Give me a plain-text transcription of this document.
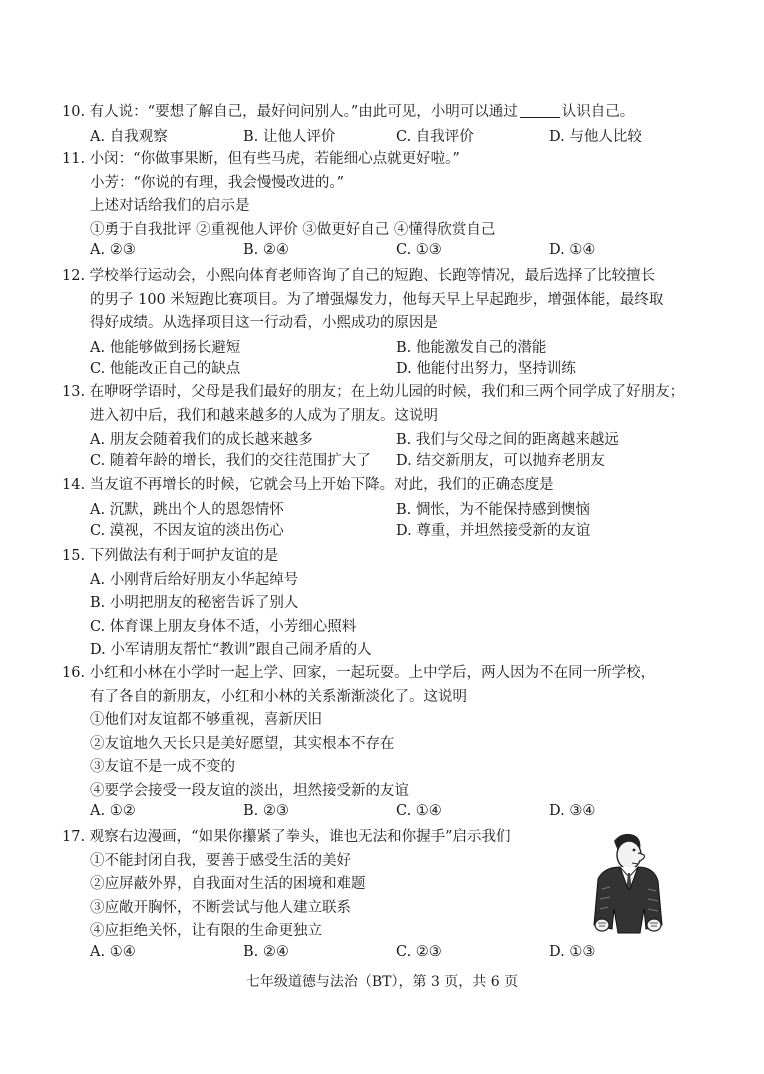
10. 有人说：“要想了解自己，最好问问别人。”由此可见，小明可以通过	认识自己。
A. 自我观察	B. 让他人评价	C. 自我评价	D. 与他人比较
11. 小闵：“你做事果断，但有些马虎，若能细心点就更好啦。”
小芳：“你说的有理，我会慢慢改进的。”
上述对话给我们的启示是
①勇于自我批评 ②重视他人评价 ③做更好自己 ④懂得欣赏自己
A. ②③	B. ②④	C. ①③	D. ①④
12. 学校举行运动会，小熙向体育老师咨询了自己的短跑、长跑等情况，最后选择了比较擅长
的男子 100 米短跑比赛项目。为了增强爆发力，他每天早上早起跑步，增强体能，最终取
得好成绩。从选择项目这一行动看，小熙成功的原因是
A. 他能够做到扬长避短	B. 他能激发自己的潜能
C. 他能改正自己的缺点	D. 他能付出努力，坚持训练
13. 在咿呀学语时，父母是我们最好的朋友；在上幼儿园的时候，我们和三两个同学成了好朋友；
进入初中后，我们和越来越多的人成为了朋友。这说明
A. 朋友会随着我们的成长越来越多	B. 我们与父母之间的距离越来越远
C. 随着年龄的增长，我们的交往范围扩大了	D. 结交新朋友，可以抛弃老朋友
14. 当友谊不再增长的时候，它就会马上开始下降。对此，我们的正确态度是
A. 沉默，跳出个人的恩怨情怀	B. 惆怅，为不能保持感到懊恼
C. 漠视，不因友谊的淡出伤心	D. 尊重，并坦然接受新的友谊
15. 下列做法有利于呵护友谊的是
A. 小刚背后给好朋友小华起绰号
B. 小明把朋友的秘密告诉了别人
C. 体育课上朋友身体不适，小芳细心照料
D. 小军请朋友帮忙“教训”跟自己闹矛盾的人
16. 小红和小林在小学时一起上学、回家，一起玩耍。上中学后，两人因为不在同一所学校，
有了各自的新朋友，小红和小林的关系渐渐淡化了。这说明
①他们对友谊都不够重视，喜新厌旧
②友谊地久天长只是美好愿望，其实根本不存在
③友谊不是一成不变的
④要学会接受一段友谊的淡出，坦然接受新的友谊
A. ①②	B. ②③	C. ①④	D. ③④
17. 观察右边漫画，“如果你攥紧了拳头，谁也无法和你握手”启示我们
①不能封闭自我，要善于感受生活的美好
②应屏蔽外界，自我面对生活的困境和难题
③应敞开胸怀，不断尝试与他人建立联系
④应拒绝关怀，让有限的生命更独立
A. ①④	B. ②④	C. ②③	D. ①③
七年级道德与法治（BT），第 3 页，共 6 页
